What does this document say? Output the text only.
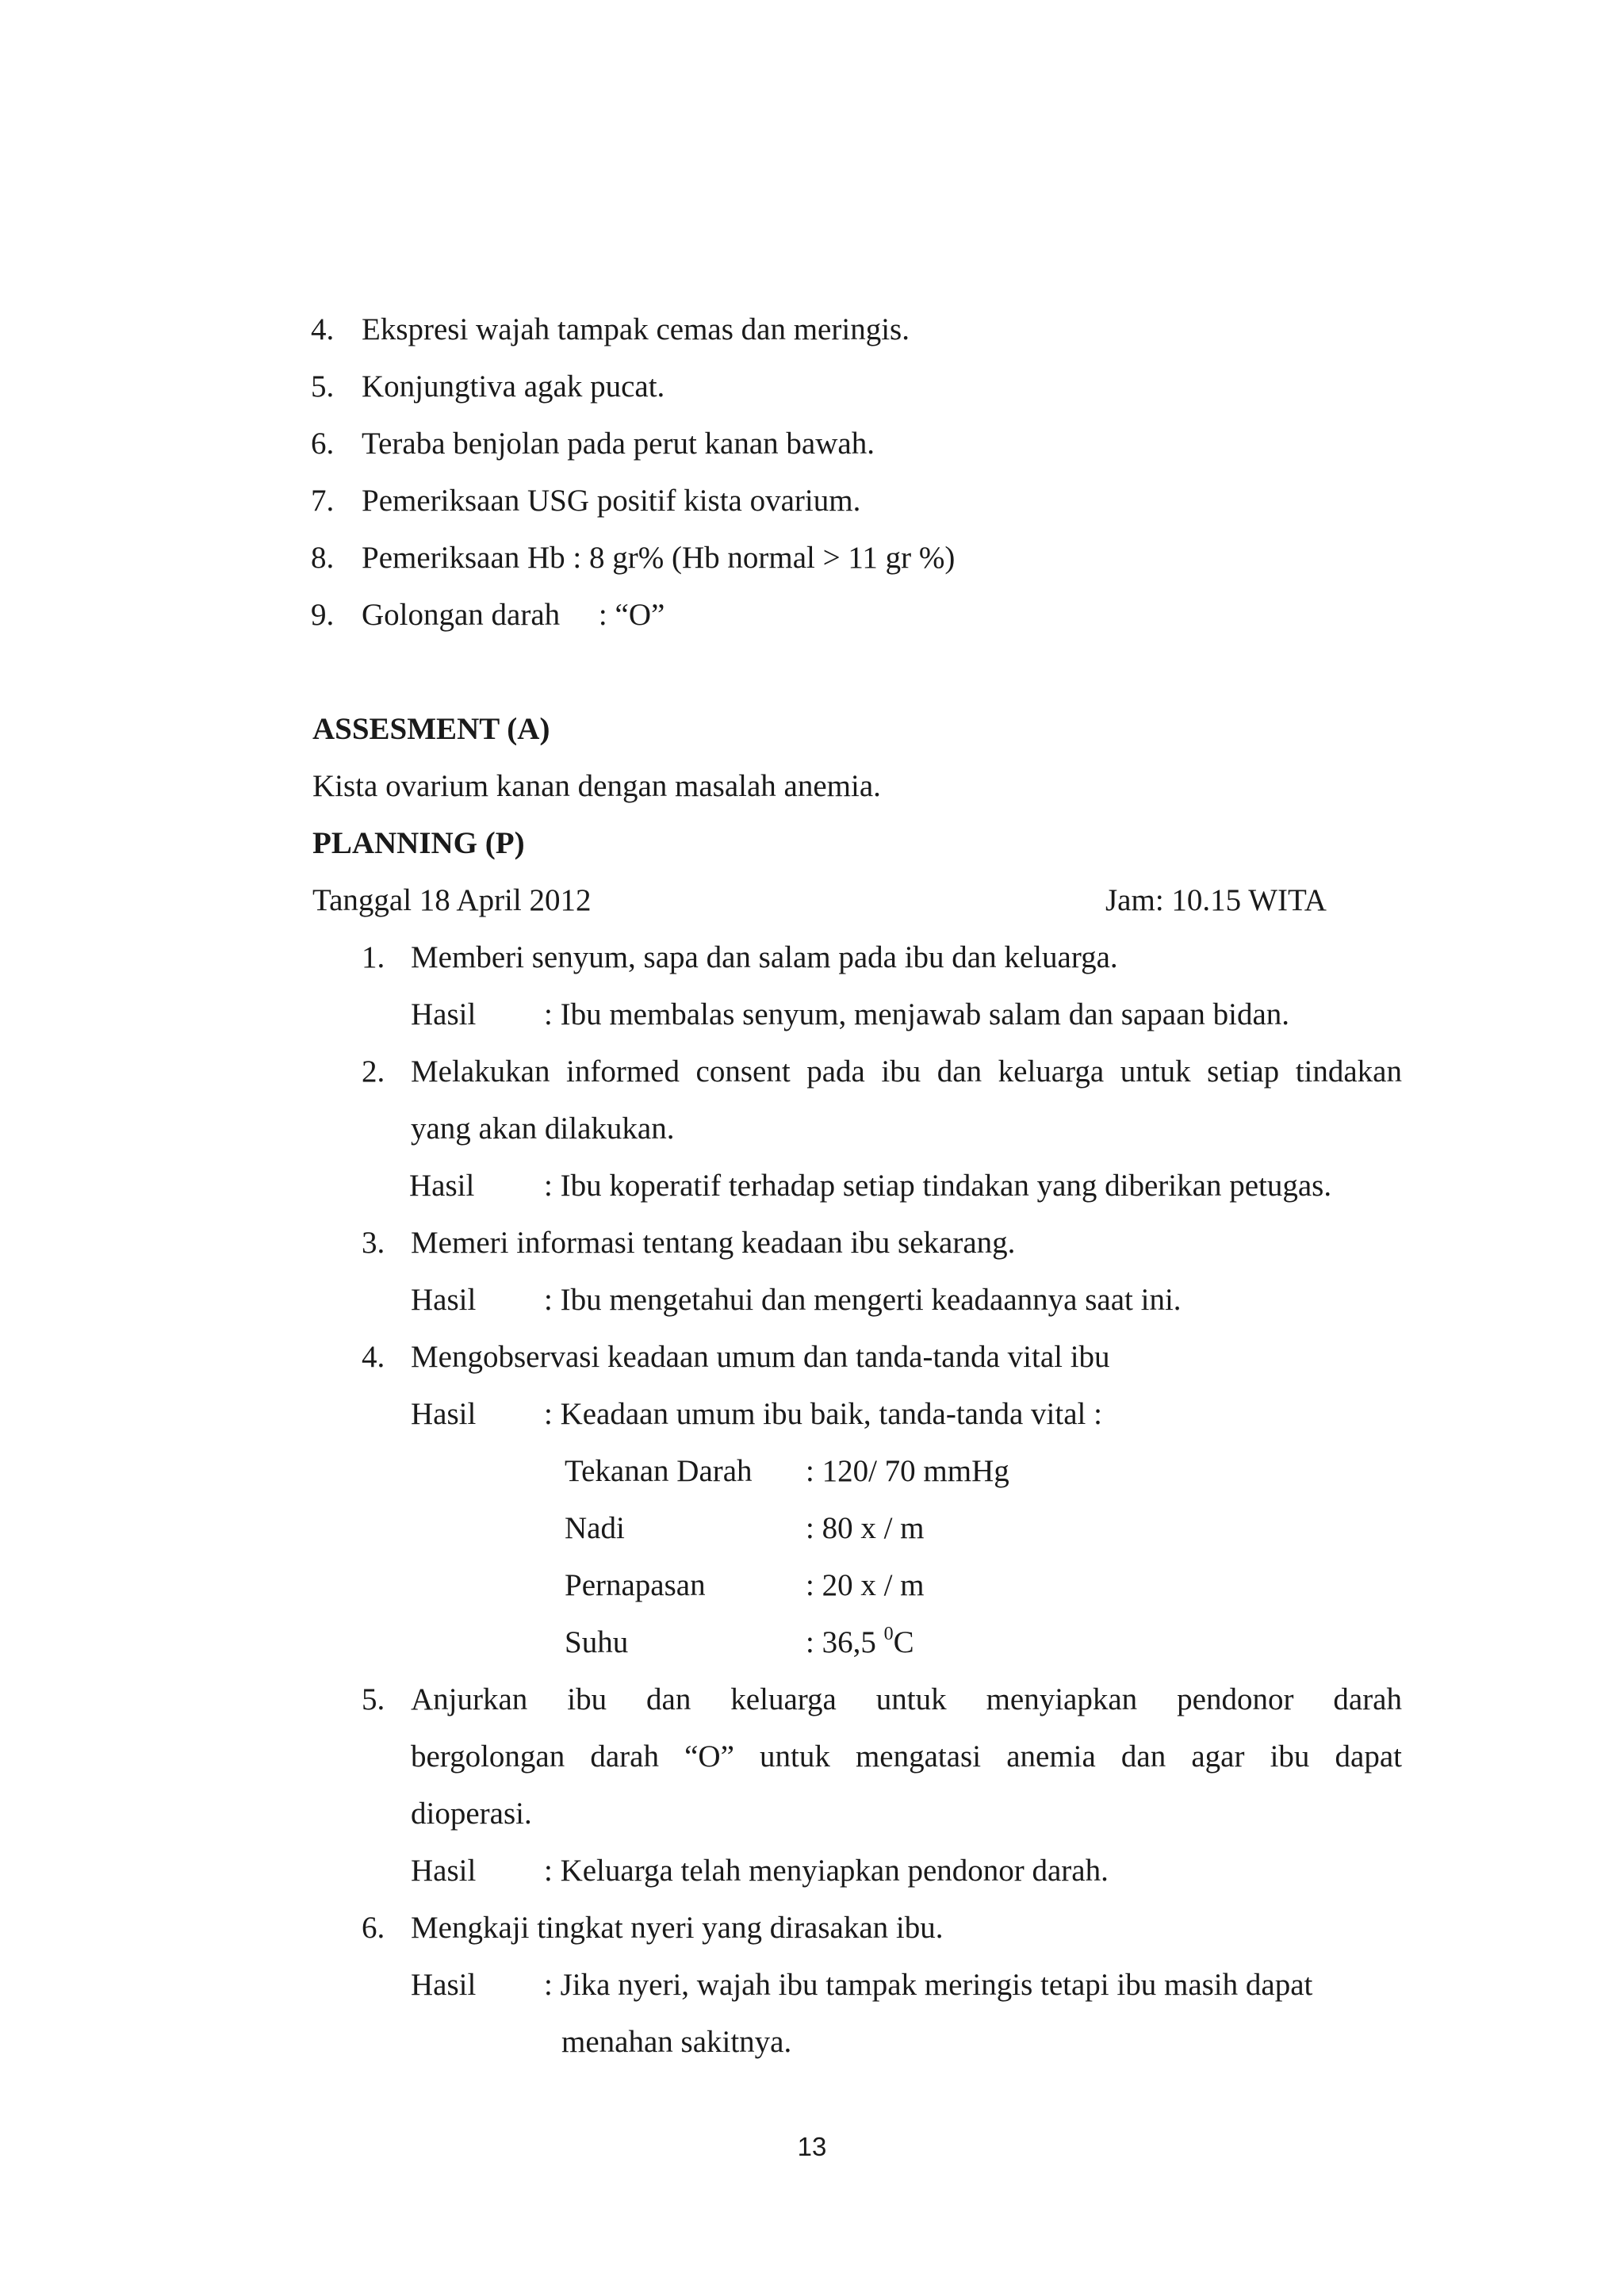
4. Ekspresi wajah tampak cemas dan meringis.
5. Konjungtiva agak pucat.
6. Teraba benjolan pada perut kanan bawah.
7. Pemeriksaan USG positif kista ovarium.
8. Pemeriksaan Hb : 8 gr% (Hb normal > 11 gr %)
9. Golongan darah     : “O”
ASSESMENT (A)
Kista ovarium kanan dengan masalah anemia.
PLANNING (P)
Tanggal 18 April 2012	Jam: 10.15 WITA
1. Memberi senyum, sapa dan salam pada ibu dan keluarga.
Hasil : Ibu membalas senyum, menjawab salam dan sapaan bidan.
2. Melakukan informed consent pada ibu dan keluarga untuk setiap tindakan
yang akan dilakukan.
Hasil : Ibu koperatif terhadap setiap tindakan yang diberikan petugas.
3. Memeri informasi tentang keadaan ibu sekarang.
Hasil : Ibu mengetahui dan mengerti keadaannya saat ini.
4. Mengobservasi keadaan umum dan tanda-tanda vital ibu
Hasil : Keadaan umum ibu baik, tanda-tanda vital :
Tekanan Darah : 120/ 70 mmHg
Nadi	: 80 x / m
Pernapasan	: 20 x / m
Suhu	: 36,5 $^0$C
5. Anjurkan ibu dan keluarga untuk menyiapkan pendonor darah
bergolongan darah “O” untuk mengatasi anemia dan agar ibu dapat
dioperasi.
Hasil : Keluarga telah menyiapkan pendonor darah.
6. Mengkaji tingkat nyeri yang dirasakan ibu.
Hasil : Jika nyeri, wajah ibu tampak meringis tetapi ibu masih dapat
menahan sakitnya.
13
